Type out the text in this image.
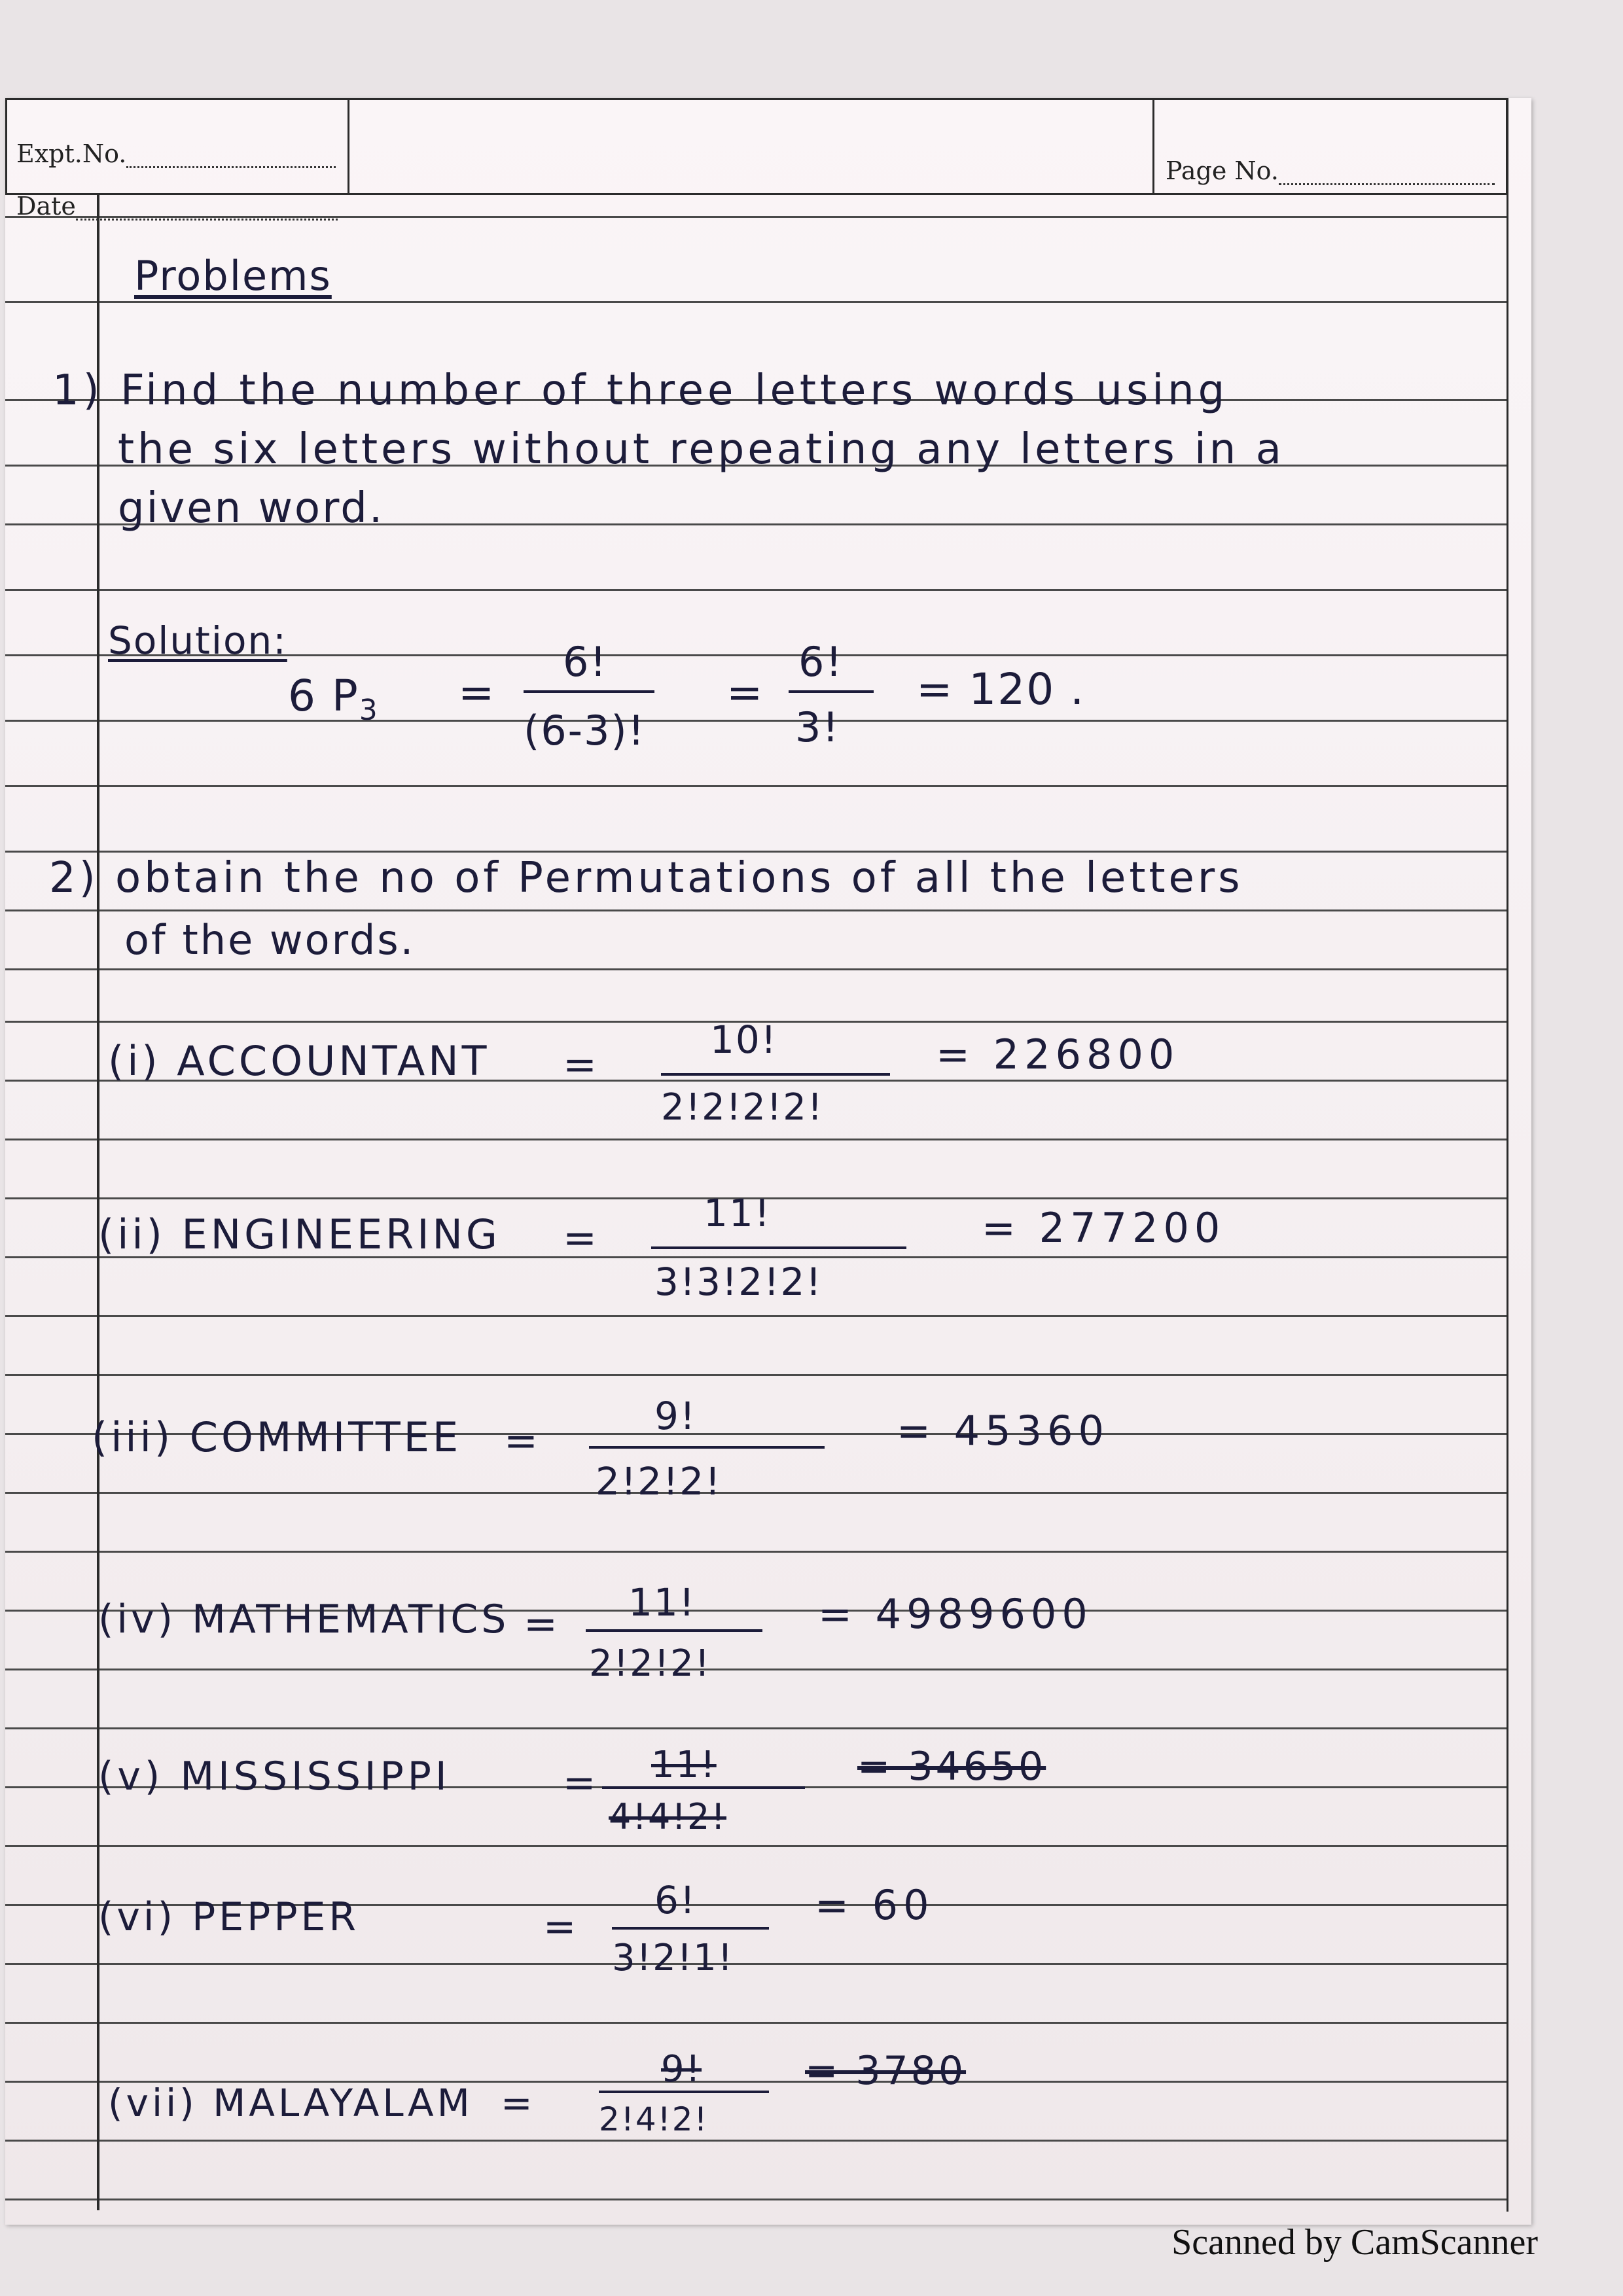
Expt.No.
Date
Page No.
Problems
1) Find the number of three letters words using
the six letters without repeating any letters in a
given word.
Solution:
6 $P_3$ =
6!
(6-3)!
=
6!
3!
= 120 .
2) obtain the no of Permutations of all the letters
of the words.
(i) ACCOUNTANT =
10!
2!2!2!2!
= 226800
(ii) ENGINEERING =
11!
3!3!2!2!
= 277200
(iii) COMMITTEE =
9!
2!2!2!
= 45360
(iv) MATHEMATICS = 11!
2!2!2!
= 4989600
(v) MISSISSIPPI	= 11!
4!4!2!
= 34650
(vi) PEPPER	=
6!
3!2!1!
= 60
(vii) MALAYALAM =
9!
2!4!2!
= 3780
Scanned by CamScanner
